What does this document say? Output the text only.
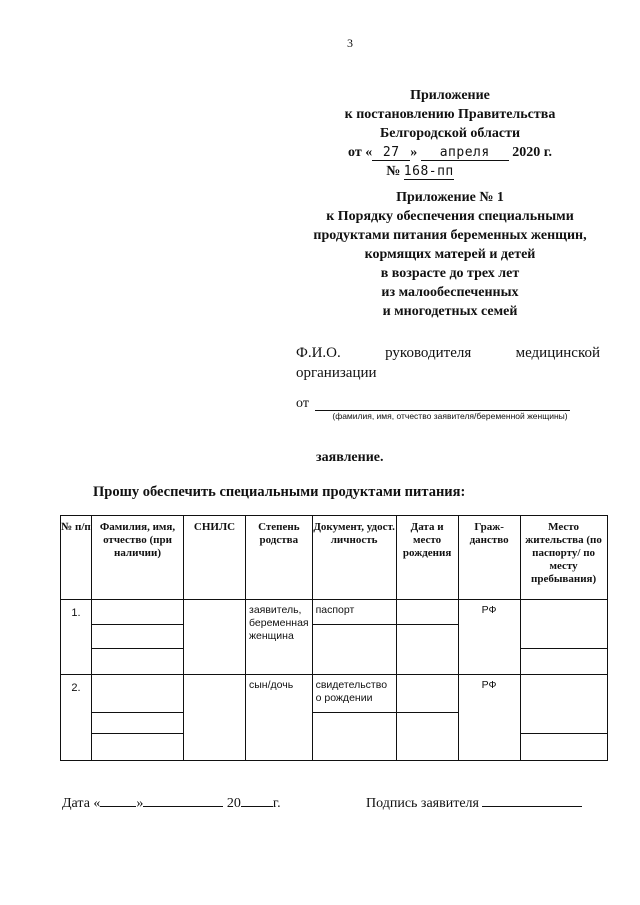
3
Приложение
к постановлению Правительства
Белгородской области
от « 27 » апреля 2020 г.
№ 168-пп
Приложение № 1
к Порядку обеспечения специальными
продуктами питания беременных женщин,
кормящих матерей и детей
в возрасте до трех лет
из малообеспеченных
и многодетных семей
Ф.И.О.	руководителя	медицинской
организации
от
(фамилия, имя, отчество заявителя/беременной женщины)
заявление.
Прошу обеспечить специальными продуктами питания:
№ п/п	Фамилия, имя, отчество (при наличии)	СНИЛС	Степень родства	Документ, удост. личность	Дата и место рождения	Граж-данство	Место жительства (по паспорту/ по месту пребывания)
1.			заявитель, беременная женщина	паспорт		РФ	

2.			сын/дочь	свидетельство о рождении		РФ	

Дата «	»	20 г.	Подпись заявителя
